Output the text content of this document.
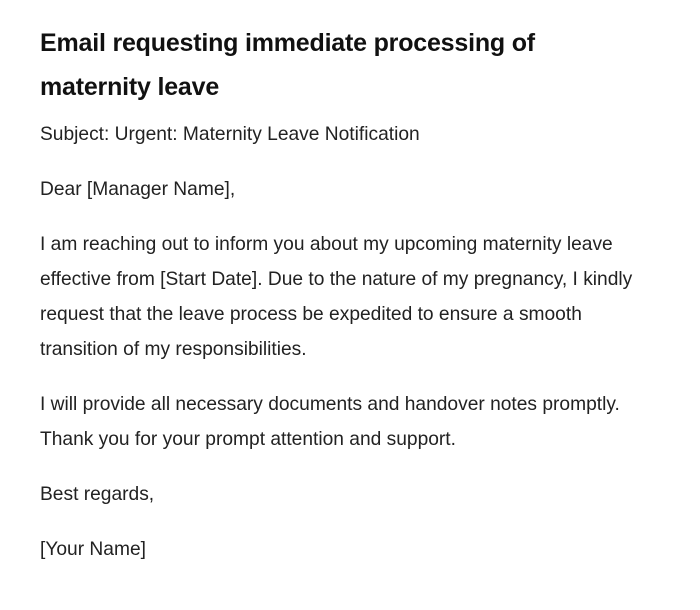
Email requesting immediate processing of maternity leave

Subject: Urgent: Maternity Leave Notification

Dear [Manager Name],

I am reaching out to inform you about my upcoming maternity leave effective from [Start Date]. Due to the nature of my pregnancy, I kindly request that the leave process be expedited to ensure a smooth transition of my responsibilities.

I will provide all necessary documents and handover notes promptly. Thank you for your prompt attention and support.

Best regards,

[Your Name]
